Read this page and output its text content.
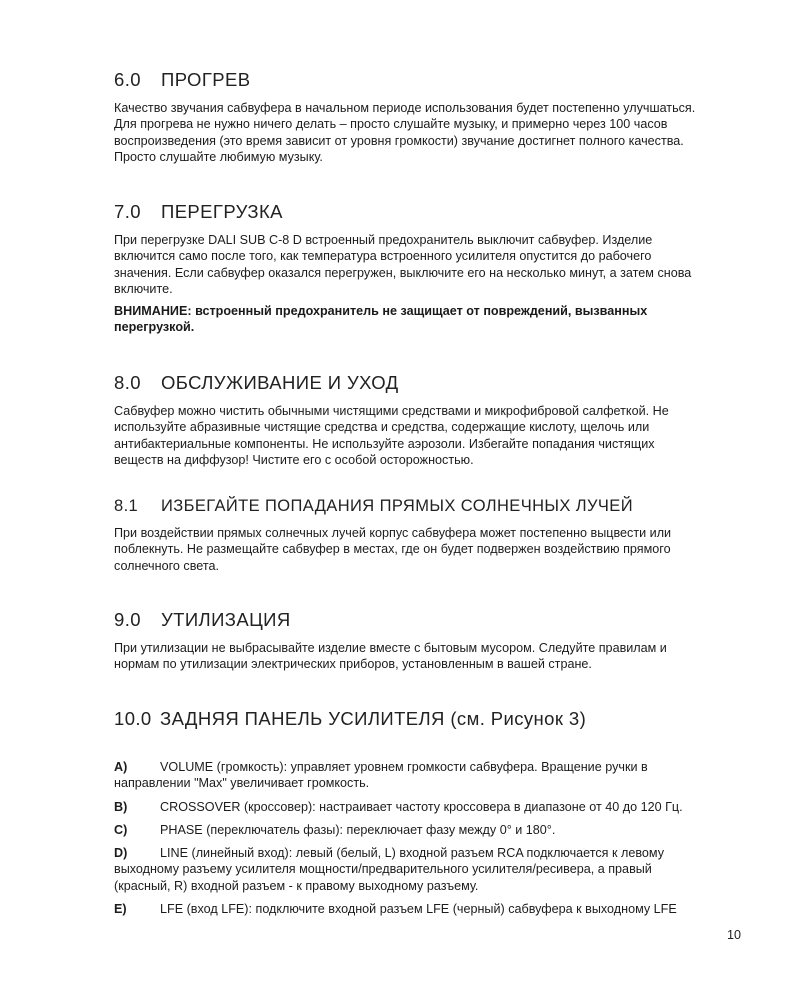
6.0 ПРОГРЕВ

Качество звучания сабвуфера в начальном периоде использования будет постепенно улучшаться.

Для прогрева не нужно ничего делать – просто слушайте музыку, и примерно через 100 часов

воспроизведения (это время зависит от уровня громкости) звучание достигнет полного качества.

Просто слушайте любимую музыку.

7.0 ПЕРЕГРУЗКА

При перегрузке DALI SUB C-8 D встроенный предохранитель выключит сабвуфер. Изделие

включится само после того, как температура встроенного усилителя опустится до рабочего

значения. Если сабвуфер оказался перегружен, выключите его на несколько минут, а затем снова

включите.

ВНИМАНИЕ: встроенный предохранитель не защищает от повреждений, вызванных

перегрузкой.

8.0 ОБСЛУЖИВАНИЕ И УХОД

Сабвуфер можно чистить обычными чистящими средствами и микрофибровой салфеткой. Не

используйте абразивные чистящие средства и средства, содержащие кислоту, щелочь или

антибактериальные компоненты. Не используйте аэрозоли. Избегайте попадания чистящих

веществ на диффузор! Чистите его с особой осторожностью.

8.1 ИЗБЕГАЙТЕ ПОПАДАНИЯ ПРЯМЫХ СОЛНЕЧНЫХ ЛУЧЕЙ

При воздействии прямых солнечных лучей корпус сабвуфера может постепенно выцвести или

поблекнуть. Не размещайте сабвуфер в местах, где он будет подвержен воздействию прямого

солнечного света.

9.0 УТИЛИЗАЦИЯ

При утилизации не выбрасывайте изделие вместе с бытовым мусором. Следуйте правилам и

нормам по утилизации электрических приборов, установленным в вашей стране.

10.0 ЗАДНЯЯ ПАНЕЛЬ УСИЛИТЕЛЯ (см. Рисунок 3)
A)	VOLUME (громкость): управляет уровнем громкости сабвуфера. Вращение ручки в
направлении "Max" увеличивает громкость.
B)	CROSSOVER (кроссовер): настраивает частоту кроссовера в диапазоне от 40 до 120 Гц.
C)	PHASE (переключатель фазы): переключает фазу между 0° и 180°.
D)	LINE (линейный вход): левый (белый, L) входной разъем RCA подключается к левому
выходному разъему усилителя мощности/предварительного усилителя/ресивера, а правый
(красный, R) входной разъем - к правому выходному разъему.
E)	LFE (вход LFE): подключите входной разъем LFE (черный) сабвуфера к выходному LFE
10
